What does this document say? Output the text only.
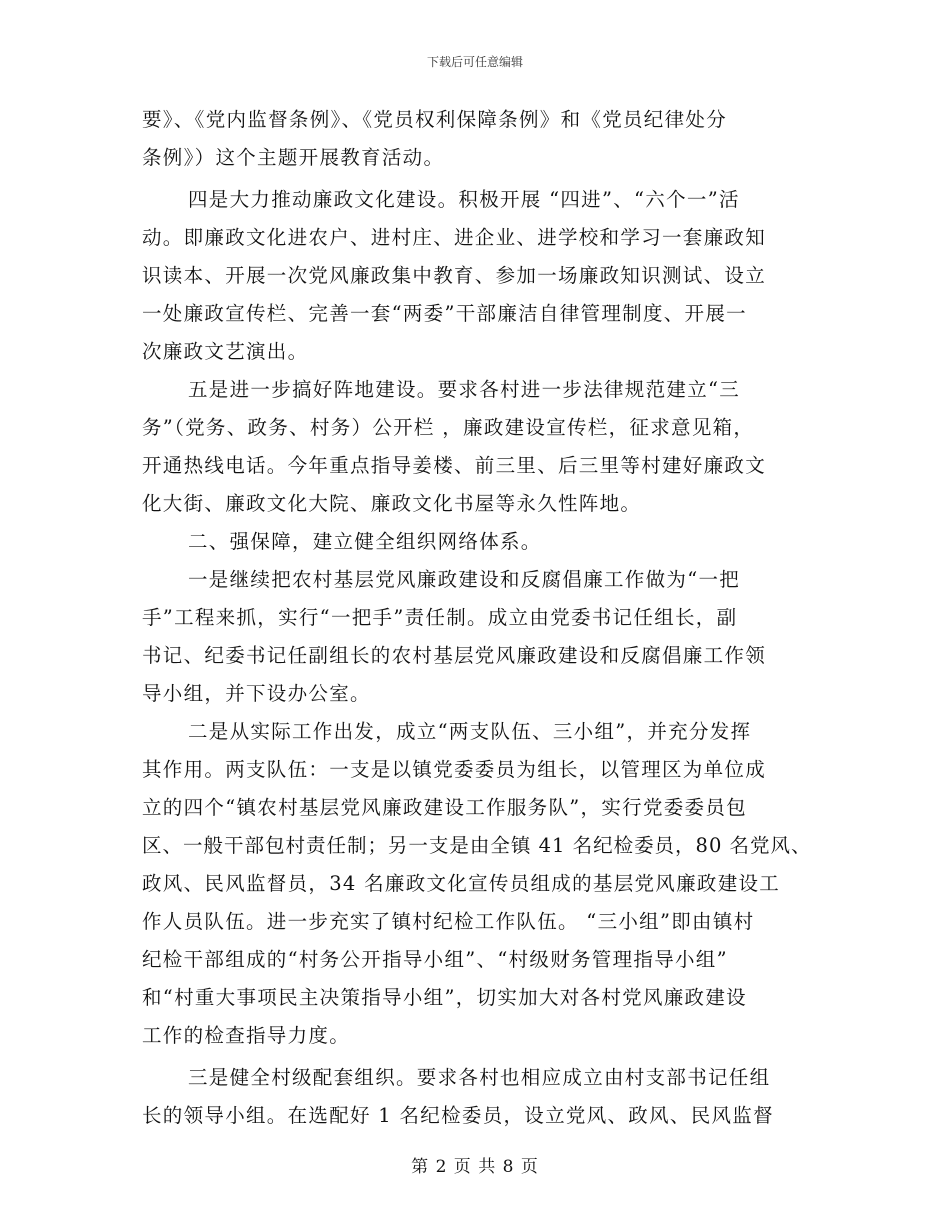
下载后可任意编辑
要》、《党内监督条例》、《党员权利保障条例》和《党员纪律处分
条例》）这个主题开展教育活动。
四是大力推动廉政文化建设。积极开展 “四进”、“六个一”活
动。即廉政文化进农户、进村庄、进企业、进学校和学习一套廉政知
识读本、开展一次党风廉政集中教育、参加一场廉政知识测试、设立
一处廉政宣传栏、完善一套“两委”干部廉洁自律管理制度、开展一
次廉政文艺演出。
五是进一步搞好阵地建设。要求各村进一步法律规范建立“三
务”（党务、政务、村务）公开栏 ，廉政建设宣传栏，征求意见箱，
开通热线电话。今年重点指导姜楼、前三里、后三里等村建好廉政文
化大街、廉政文化大院、廉政文化书屋等永久性阵地。
二、强保障，建立健全组织网络体系。
一是继续把农村基层党风廉政建设和反腐倡廉工作做为“一把
手”工程来抓，实行“一把手”责任制。成立由党委书记任组长，副
书记、纪委书记任副组长的农村基层党风廉政建设和反腐倡廉工作领
导小组，并下设办公室。
二是从实际工作出发，成立“两支队伍、三小组”，并充分发挥
其作用。两支队伍：一支是以镇党委委员为组长，以管理区为单位成
立的四个“镇农村基层党风廉政建设工作服务队”，实行党委委员包
区、一般干部包村责任制；另一支是由全镇 41 名纪检委员，80 名党风、
政风、民风监督员，34 名廉政文化宣传员组成的基层党风廉政建设工
作人员队伍。进一步充实了镇村纪检工作队伍。 “三小组”即由镇村
纪检干部组成的“村务公开指导小组”、“村级财务管理指导小组”
和“村重大事项民主决策指导小组”，切实加大对各村党风廉政建设
工作的检查指导力度。
三是健全村级配套组织。要求各村也相应成立由村支部书记任组
长的领导小组。在选配好 1 名纪检委员，设立党风、政风、民风监督
第 2 页 共 8 页
